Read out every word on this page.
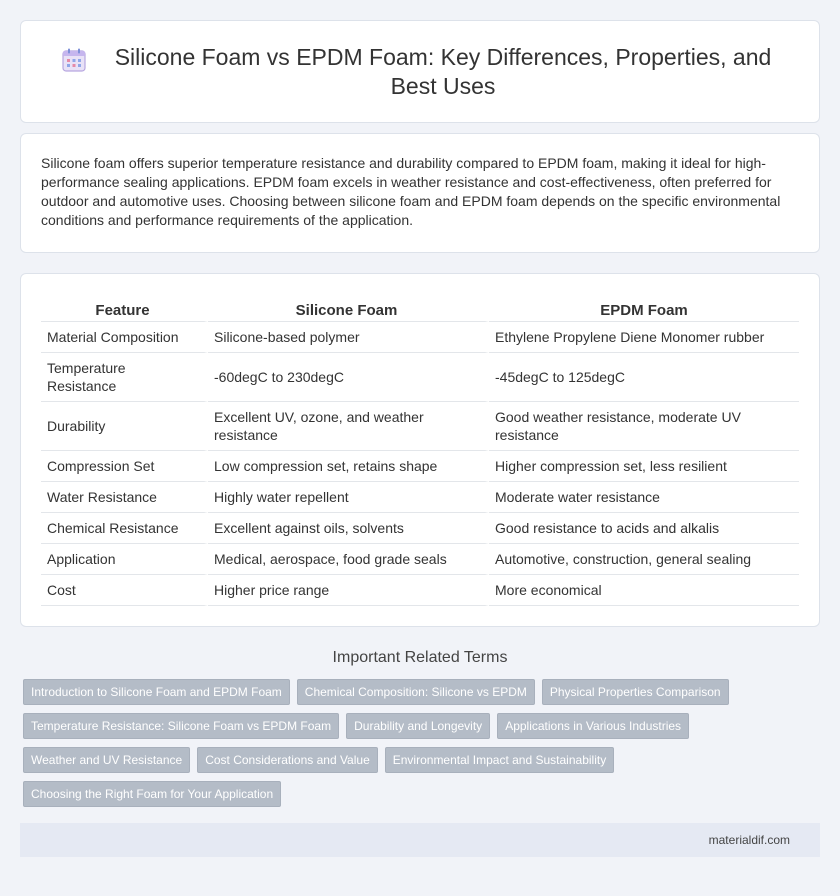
Silicone Foam vs EPDM Foam: Key Differences, Properties, and Best Uses
Silicone foam offers superior temperature resistance and durability compared to EPDM foam, making it ideal for high-performance sealing applications. EPDM foam excels in weather resistance and cost-effectiveness, often preferred for outdoor and automotive uses. Choosing between silicone foam and EPDM foam depends on the specific environmental conditions and performance requirements of the application.
Feature	Silicone Foam	EPDM Foam
Material Composition	Silicone-based polymer	Ethylene Propylene Diene Monomer rubber
Temperature Resistance	-60degC to 230degC	-45degC to 125degC
Durability	Excellent UV, ozone, and weather resistance	Good weather resistance, moderate UV resistance
Compression Set	Low compression set, retains shape	Higher compression set, less resilient
Water Resistance	Highly water repellent	Moderate water resistance
Chemical Resistance	Excellent against oils, solvents	Good resistance to acids and alkalis
Application	Medical, aerospace, food grade seals	Automotive, construction, general sealing
Cost	Higher price range	More economical
Important Related Terms
Introduction to Silicone Foam and EPDM Foam	Chemical Composition: Silicone vs EPDM	Physical Properties Comparison
Temperature Resistance: Silicone Foam vs EPDM Foam	Durability and Longevity	Applications in Various Industries
Weather and UV Resistance	Cost Considerations and Value	Environmental Impact and Sustainability
Choosing the Right Foam for Your Application
materialdif.com
